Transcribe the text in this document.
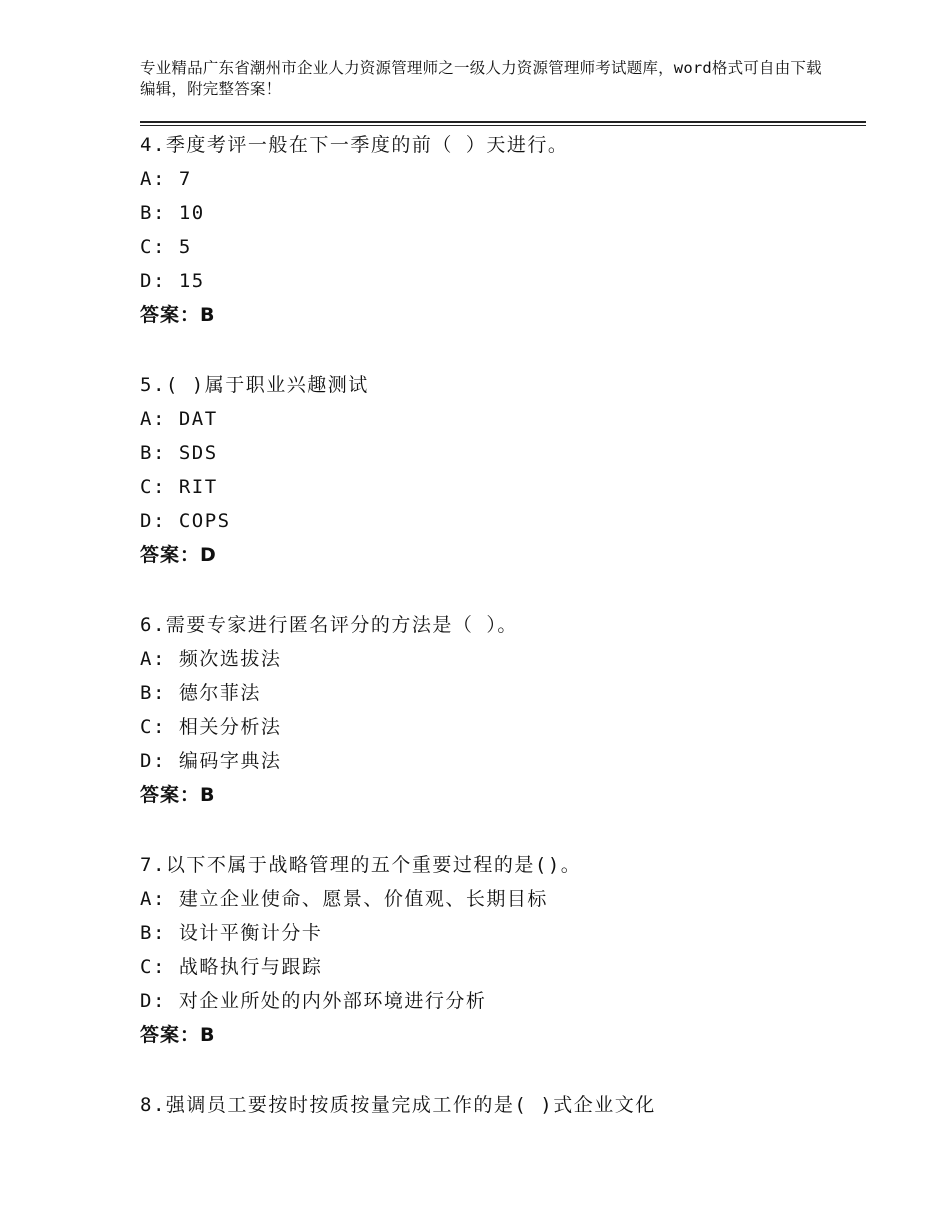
专业精品广东省潮州市企业人力资源管理师之一级人力资源管理师考试题库，word格式可自由下载编辑，附完整答案！
4.季度考评一般在下一季度的前（ ）天进行。
A: 7
B: 10
C: 5
D: 15
答案：B
5.( )属于职业兴趣测试
A: DAT
B: SDS
C: RIT
D: COPS
答案：D
6.需要专家进行匿名评分的方法是（ ）。
A: 频次选拔法
B: 德尔菲法
C: 相关分析法
D: 编码字典法
答案：B
7.以下不属于战略管理的五个重要过程的是()。
A: 建立企业使命、愿景、价值观、长期目标
B: 设计平衡计分卡
C: 战略执行与跟踪
D: 对企业所处的内外部环境进行分析
答案：B
8.强调员工要按时按质按量完成工作的是( )式企业文化
